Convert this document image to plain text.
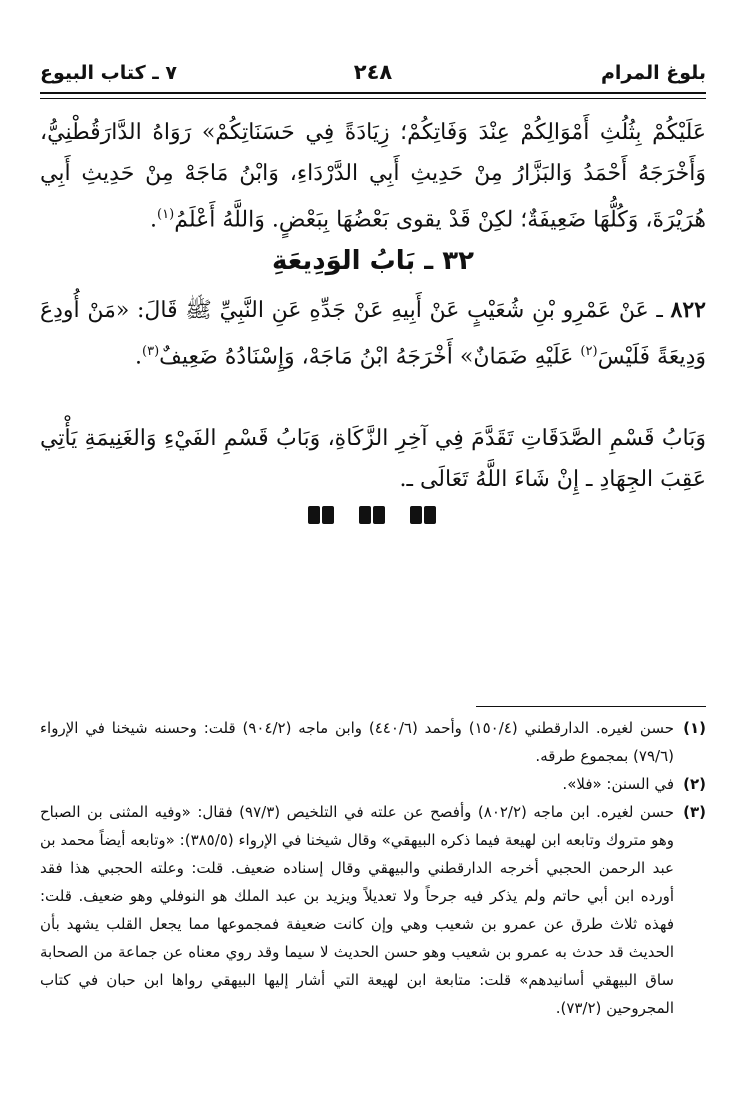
بلوغ المرام
٢٤٨
٧ ـ كتاب البيوع

عَلَيْكُمْ بِثُلُثِ أَمْوَالِكُمْ عِنْدَ وَفَاتِكُمْ؛ زِيَادَةً فِي حَسَنَاتِكُمْ» رَوَاهُ الدَّارَقُطْنِيُّ، وَأَخْرَجَهُ أَحْمَدُ وَالبَزَّارُ مِنْ حَدِيثِ أَبِي الدَّرْدَاءِ، وَابْنُ مَاجَهْ مِنْ حَدِيثِ أَبِي هُرَيْرَةَ، وَكُلُّهَا ضَعِيفَةٌ؛ لكِنْ قَدْ يقوى بَعْضُهَا بِبَعْضٍ. وَاللَّهُ أَعْلَمُ$^{(١)}$.

٣٢ ـ بَابُ الوَدِيعَةِ

٨٢٢ ـ عَنْ عَمْرِو بْنِ شُعَيْبٍ عَنْ أَبِيهِ عَنْ جَدِّهِ عَنِ النَّبِيِّ ﷺ قَالَ: «مَنْ أُودِعَ وَدِيعَةً فَلَيْسَ$^{(٢)}$ عَلَيْهِ ضَمَانٌ» أَخْرَجَهُ ابْنُ مَاجَهْ، وَإِسْنَادُهُ ضَعِيفٌ$^{(٣)}$.

وَبَابُ قَسْمِ الصَّدَقَاتِ تَقَدَّمَ فِي آخِرِ الزَّكَاةِ، وَبَابُ قَسْمِ الفَيْءِ وَالغَنِيمَةِ يَأْتِي عَقِبَ الجِهَادِ ـ إِنْ شَاءَ اللَّهُ تَعَالَى ـ.

(١)
حسن لغيره. الدارقطني (١٥٠/٤) وأحمد (٤٤٠/٦) وابن ماجه (٩٠٤/٢) قلت: وحسنه شيخنا في الإرواء (٧٩/٦) بمجموع طرقه.
(٢)
في السنن: «فلا».
(٣)
حسن لغيره. ابن ماجه (٨٠٢/٢) وأفصح عن علته في التلخيص (٩٧/٣) فقال: «وفيه المثنى بن الصباح وهو متروك وتابعه ابن لهيعة فيما ذكره البيهقي» وقال شيخنا في الإرواء (٣٨٥/٥): «وتابعه أيضاً محمد بن عبد الرحمن الحجبي أخرجه الدارقطني والبيهقي وقال إسناده ضعيف. قلت: وعلته الحجبي هذا فقد أورده ابن أبي حاتم ولم يذكر فيه جرحاً ولا تعديلاً ويزيد بن عبد الملك هو النوفلي وهو ضعيف. قلت: فهذه ثلاث طرق عن عمرو بن شعيب وهي وإن كانت ضعيفة فمجموعها مما يجعل القلب يشهد بأن الحديث قد حدث به عمرو بن شعيب وهو حسن الحديث لا سيما وقد روي معناه عن جماعة من الصحابة ساق البيهقي أسانيدهم» قلت: متابعة ابن لهيعة التي أشار إليها البيهقي رواها ابن حبان في كتاب المجروحين (٧٣/٢).
